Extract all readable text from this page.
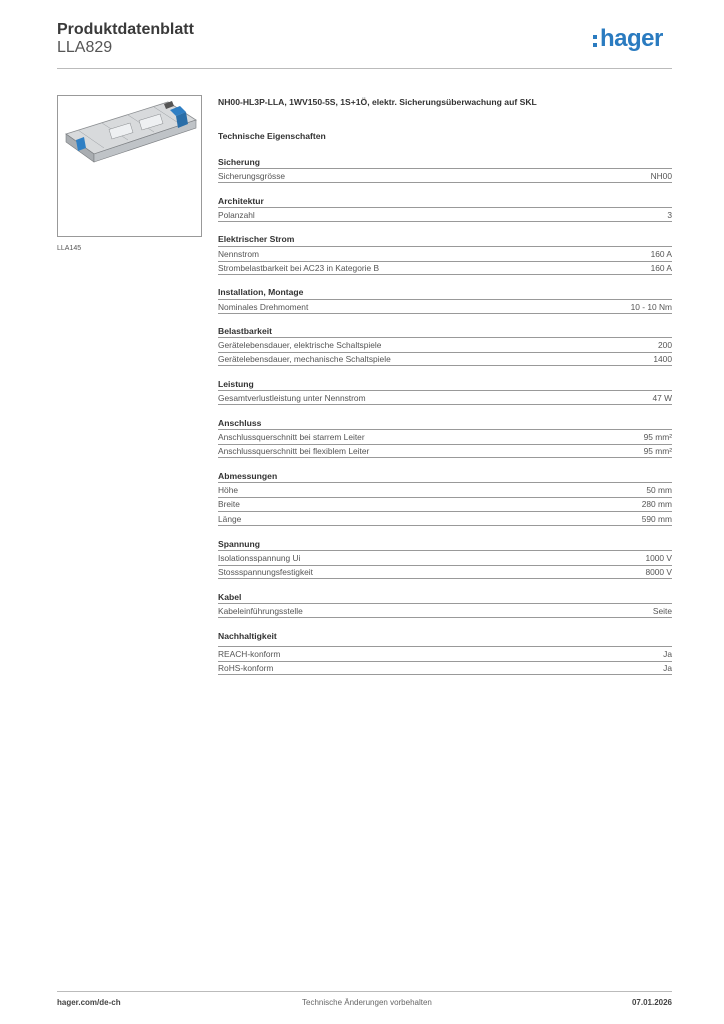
Produktdatenblatt
LLA829	hager
LLA145
NH00-HL3P-LLA, 1WV150-5S, 1S+1Ö, elektr. Sicherungsüberwachung auf SKL
Technische Eigenschaften
Sicherung
Sicherungsgrösse	NH00
Architektur
Polanzahl	3
Elektrischer Strom
Nennstrom	160 A
Strombelastbarkeit bei AC23 in Kategorie B	160 A
Installation, Montage
Nominales Drehmoment	10 - 10 Nm
Belastbarkeit
Gerätelebensdauer, elektrische Schaltspiele	200
Gerätelebensdauer, mechanische Schaltspiele	1400
Leistung
Gesamtverlustleistung unter Nennstrom	47 W
Anschluss
Anschlussquerschnitt bei starrem Leiter	95 mm²
Anschlussquerschnitt bei flexiblem Leiter	95 mm²
Abmessungen
Höhe	50 mm
Breite	280 mm
Länge	590 mm
Spannung
Isolationsspannung Ui	1000 V
Stossspannungsfestigkeit	8000 V
Kabel
Kabeleinführungsstelle	Seite
Nachhaltigkeit
REACH-konform	Ja
RoHS-konform	Ja
hager.com/de-ch	Technische Änderungen vorbehalten	07.01.2026
